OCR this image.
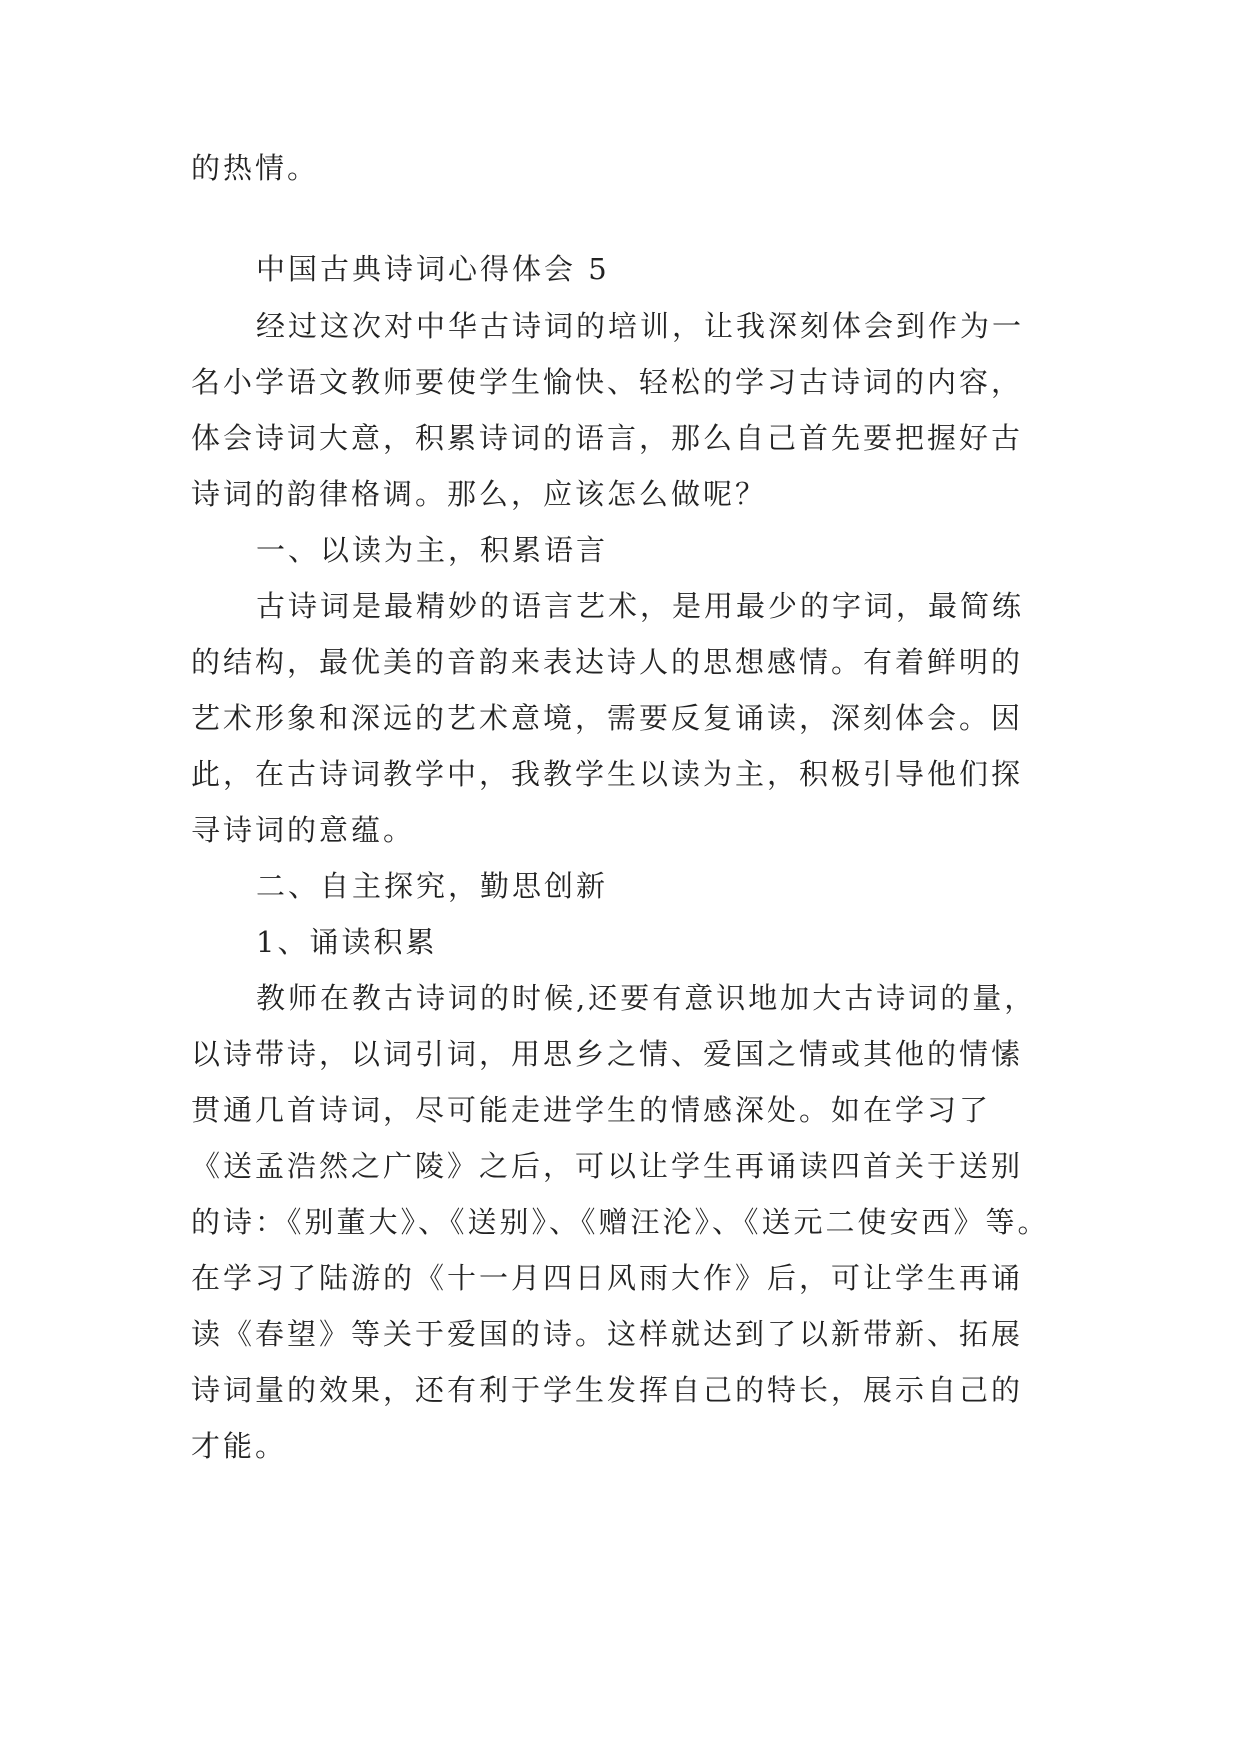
的热情。
中国古典诗词心得体会 5
经过这次对中华古诗词的培训，让我深刻体会到作为一
名小学语文教师要使学生愉快、轻松的学习古诗词的内容，
体会诗词大意，积累诗词的语言，那么自己首先要把握好古
诗词的韵律格调。那么，应该怎么做呢？
一、以读为主，积累语言
古诗词是最精妙的语言艺术，是用最少的字词，最简练
的结构，最优美的音韵来表达诗人的思想感情。有着鲜明的
艺术形象和深远的艺术意境，需要反复诵读，深刻体会。因
此，在古诗词教学中，我教学生以读为主，积极引导他们探
寻诗词的意蕴。
二、自主探究，勤思创新
1、诵读积累
教师在教古诗词的时候,还要有意识地加大古诗词的量，
以诗带诗，以词引词，用思乡之情、爱国之情或其他的情愫
贯通几首诗词，尽可能走进学生的情感深处。如在学习了
《送孟浩然之广陵》之后，可以让学生再诵读四首关于送别
的诗：《别董大》、《送别》、《赠汪沦》、《送元二使安西》等。
在学习了陆游的《十一月四日风雨大作》后，可让学生再诵
读《春望》等关于爱国的诗。这样就达到了以新带新、拓展
诗词量的效果，还有利于学生发挥自己的特长，展示自己的
才能。
